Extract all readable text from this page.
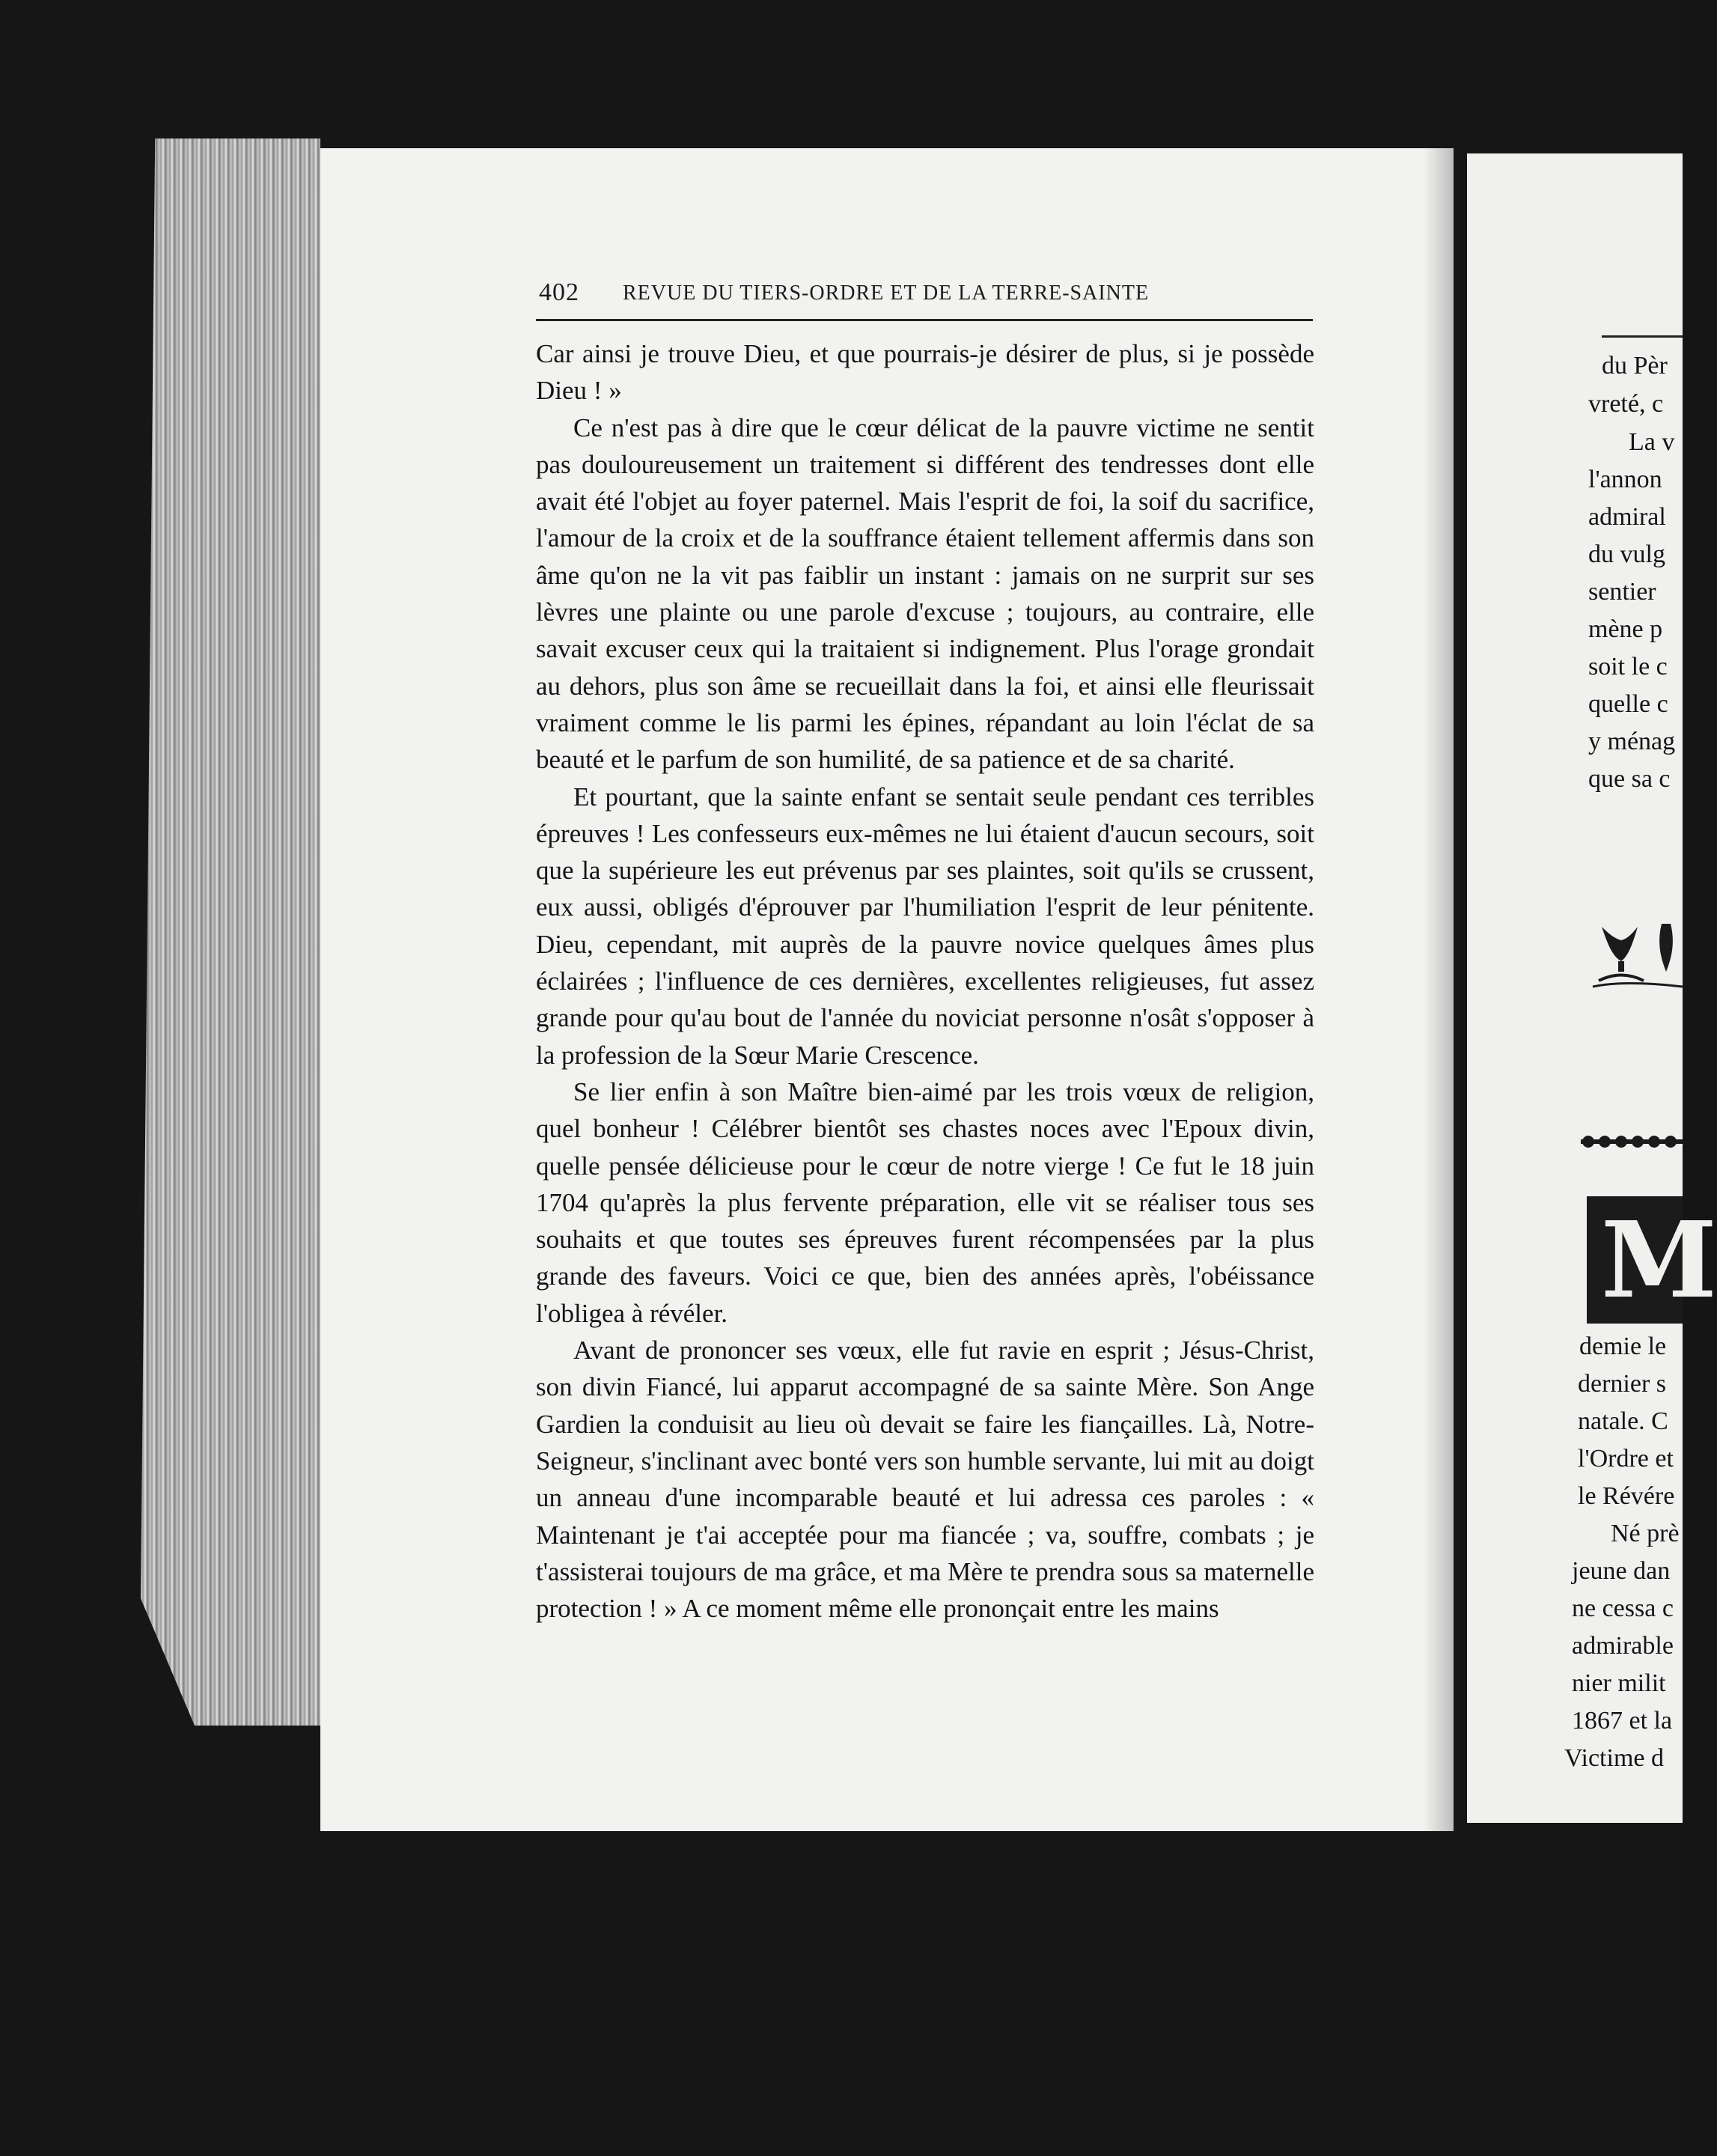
402 REVUE DU TIERS-ORDRE ET DE LA TERRE-SAINTE

Car ainsi je trouve Dieu, et que pourrais-je désirer de plus, si je possède Dieu ! »

Ce n'est pas à dire que le cœur délicat de la pauvre victime ne sentit pas douloureusement un traitement si différent des tendresses dont elle avait été l'objet au foyer paternel. Mais l'esprit de foi, la soif du sacrifice, l'amour de la croix et de la souffrance étaient tellement affermis dans son âme qu'on ne la vit pas faiblir un instant : jamais on ne surprit sur ses lèvres une plainte ou une parole d'excuse ; toujours, au contraire, elle savait excuser ceux qui la traitaient si indignement. Plus l'orage grondait au dehors, plus son âme se recueillait dans la foi, et ainsi elle fleurissait vraiment comme le lis parmi les épines, répandant au loin l'éclat de sa beauté et le parfum de son humilité, de sa patience et de sa charité.

Et pourtant, que la sainte enfant se sentait seule pendant ces terribles épreuves ! Les confesseurs eux-mêmes ne lui étaient d'aucun secours, soit que la supérieure les eut prévenus par ses plaintes, soit qu'ils se crussent, eux aussi, obligés d'éprouver par l'humiliation l'esprit de leur pénitente. Dieu, cependant, mit auprès de la pauvre novice quelques âmes plus éclairées ; l'influence de ces dernières, excellentes religieuses, fut assez grande pour qu'au bout de l'année du noviciat personne n'osât s'opposer à la profession de la Sœur Marie Crescence.

Se lier enfin à son Maître bien-aimé par les trois vœux de religion, quel bonheur ! Célébrer bientôt ses chastes noces avec l'Epoux divin, quelle pensée délicieuse pour le cœur de notre vierge ! Ce fut le 18 juin 1704 qu'après la plus fervente préparation, elle vit se réaliser tous ses souhaits et que toutes ses épreuves furent récompensées par la plus grande des faveurs. Voici ce que, bien des années après, l'obéissance l'obligea à révéler.

Avant de prononcer ses vœux, elle fut ravie en esprit ; Jésus-Christ, son divin Fiancé, lui apparut accompagné de sa sainte Mère. Son Ange Gardien la conduisit au lieu où devait se faire les fiançailles. Là, Notre-Seigneur, s'inclinant avec bonté vers son humble servante, lui mit au doigt un anneau d'une incomparable beauté et lui adressa ces paroles : « Maintenant je t'ai acceptée pour ma fiancée ; va, souffre, combats ; je t'assisterai toujours de ma grâce, et ma Mère te prendra sous sa maternelle protection ! » A ce moment même elle prononçait entre les mains

du Pèr
vreté, c
La v
l'annon
admiral
du vulg
sentier
mène p
soit le c
quelle c
y ménag
que sa c
M
demie le
dernier s
natale. C
l'Ordre et
le Révére
Né prè
jeune dan
ne cessa c
admirable
nier milit
1867 et la
Victime d
